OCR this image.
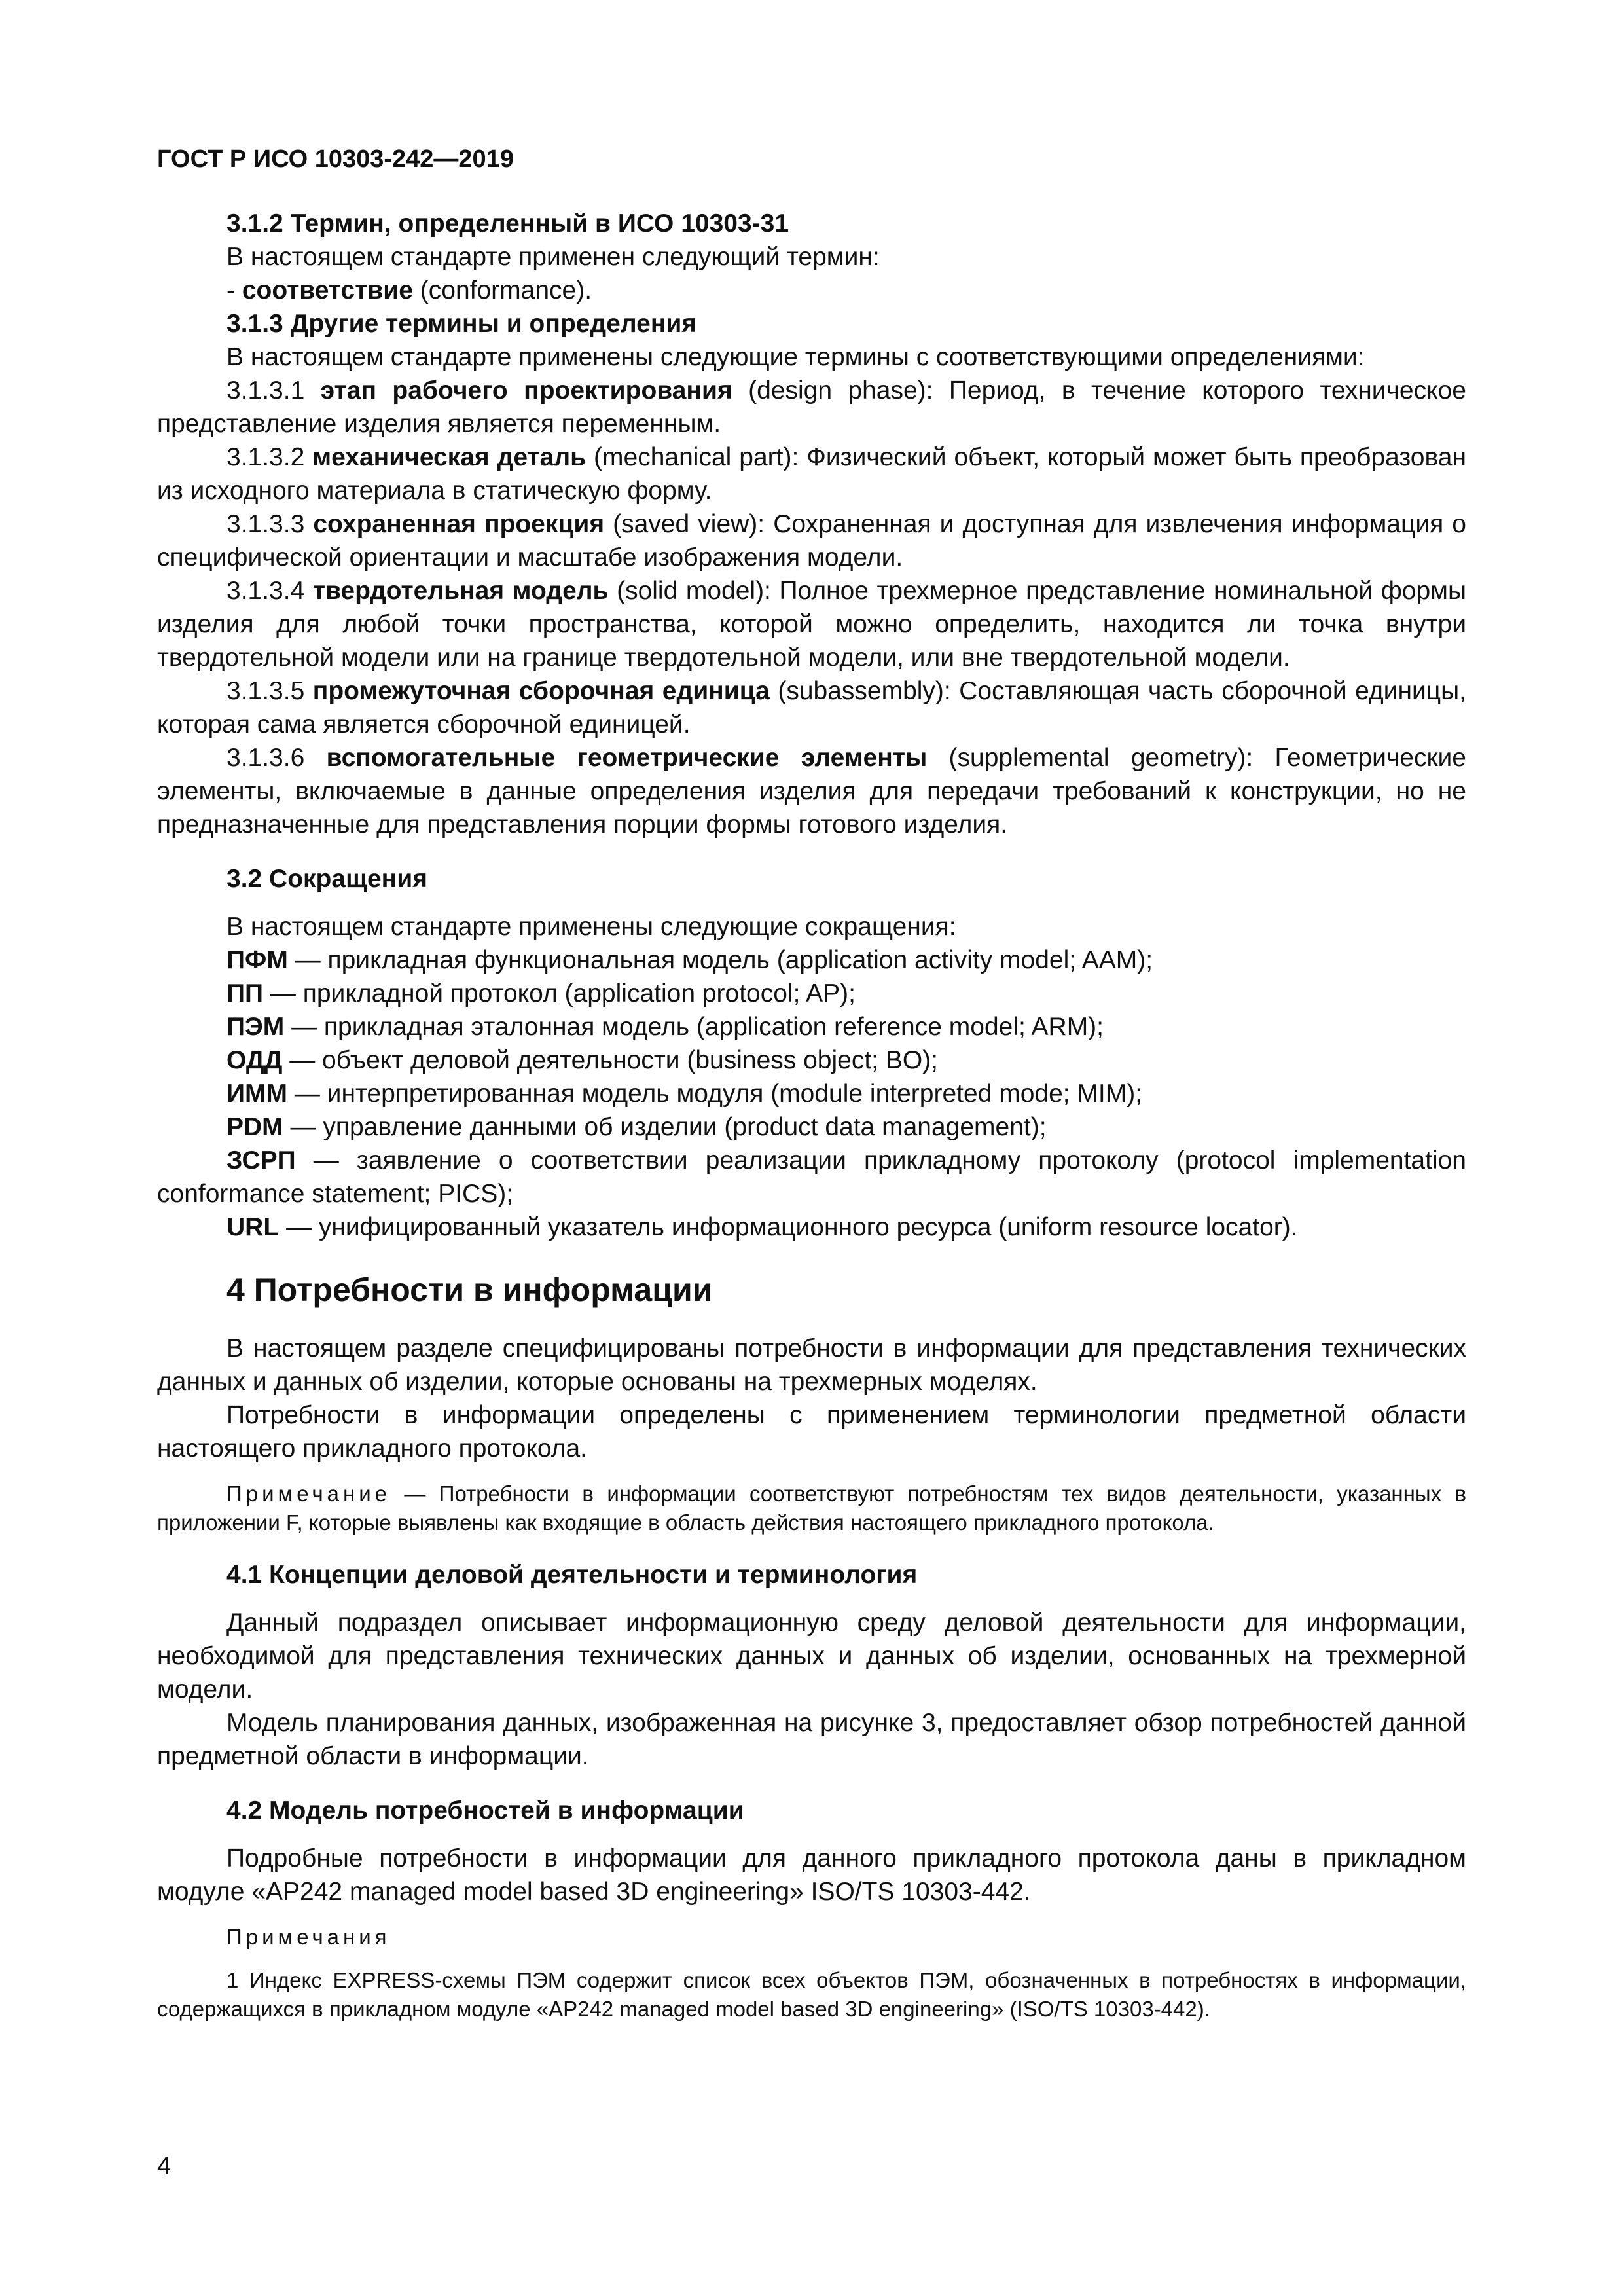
ГОСТ Р ИСО 10303-242—2019
3.1.2 Термин, определенный в ИСО 10303-31
В настоящем стандарте применен следующий термин:
- соответствие (conformance).
3.1.3 Другие термины и определения
В настоящем стандарте применены следующие термины с соответствующими определениями:

3.1.3.1 этап рабочего проектирования (design phase): Период, в течение которого техническое представление изделия является переменным.

3.1.3.2 механическая деталь (mechanical part): Физический объект, который может быть преобразован из исходного материала в статическую форму.

3.1.3.3 сохраненная проекция (saved view): Сохраненная и доступная для извлечения информация о специфической ориентации и масштабе изображения модели.

3.1.3.4 твердотельная модель (solid model): Полное трехмерное представление номинальной формы изделия для любой точки пространства, которой можно определить, находится ли точка внутри твердотельной модели или на границе твердотельной модели, или вне твердотельной модели.

3.1.3.5 промежуточная сборочная единица (subassembly): Составляющая часть сборочной единицы, которая сама является сборочной единицей.

3.1.3.6 вспомогательные геометрические элементы (supplemental geometry): Геометрические элементы, включаемые в данные определения изделия для передачи требований к конструкции, но не предназначенные для представления порции формы готового изделия.

3.2 Сокращения
В настоящем стандарте применены следующие сокращения:

ПФМ — прикладная функциональная модель (application activity model; AAM);

ПП — прикладной протокол (application protocol; AP);

ПЭМ — прикладная эталонная модель (application reference model; ARM);

ОДД — объект деловой деятельности (business object; BO);

ИММ — интерпретированная модель модуля (module interpreted mode; MIM);

PDM — управление данными об изделии (product data management);

ЗСРП — заявление о соответствии реализации прикладному протоколу (protocol implementation conformance statement; PICS);

URL — унифицированный указатель информационного ресурса (uniform resource locator).

4 Потребности в информации

В настоящем разделе специфицированы потребности в информации для представления технических данных и данных об изделии, которые основаны на трехмерных моделях.

Потребности в информации определены с применением терминологии предметной области настоящего прикладного протокола.

Примечание — Потребности в информации соответствуют потребностям тех видов деятельности, указанных в приложении F, которые выявлены как входящие в область действия настоящего прикладного протокола.

4.1 Концепции деловой деятельности и терминология

Данный подраздел описывает информационную среду деловой деятельности для информации, необходимой для представления технических данных и данных об изделии, основанных на трехмерной модели.

Модель планирования данных, изображенная на рисунке 3, предоставляет обзор потребностей данной предметной области в информации.

4.2 Модель потребностей в информации

Подробные потребности в информации для данного прикладного протокола даны в прикладном модуле «AP242 managed model based 3D engineering» ISO/TS 10303-442.

Примечания

1 Индекс EXPRESS-схемы ПЭМ содержит список всех объектов ПЭМ, обозначенных в потребностях в информации, содержащихся в прикладном модуле «AP242 managed model based 3D engineering» (ISO/TS 10303-442).

4
